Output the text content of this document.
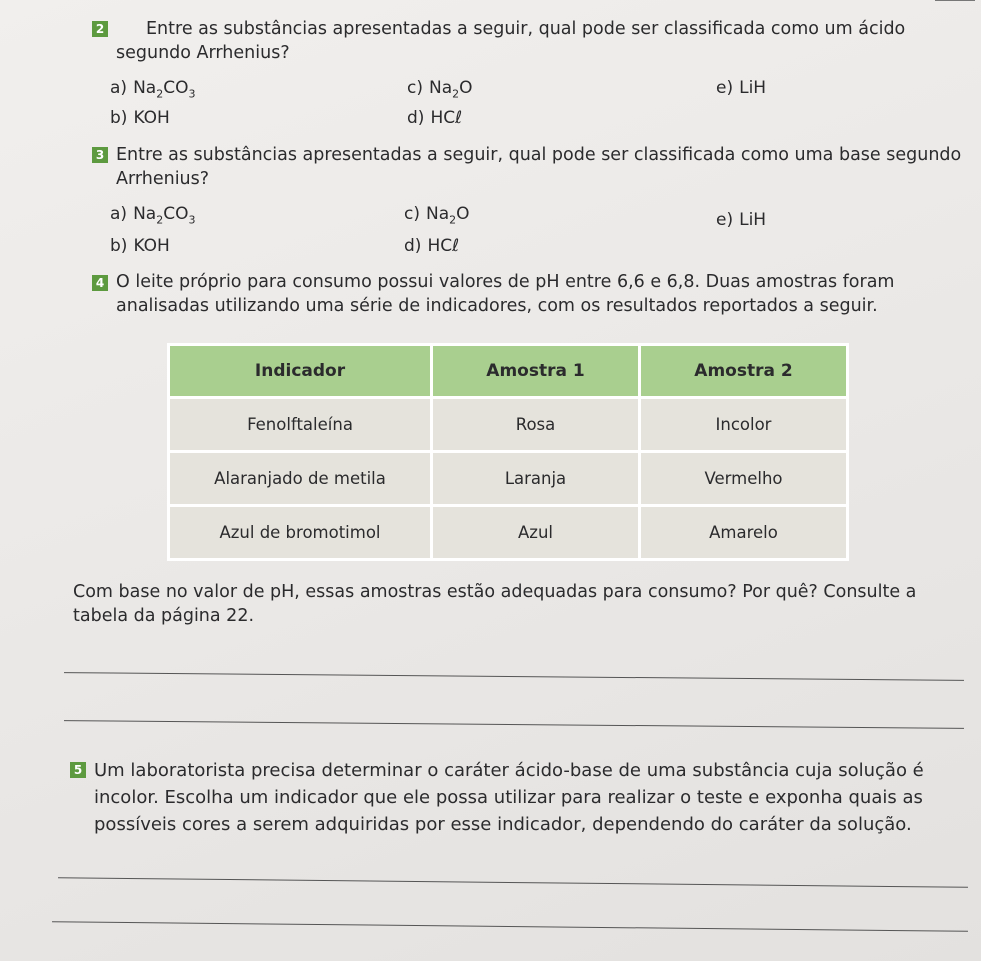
2	Entre as substâncias apresentadas a seguir, qual pode ser classificada como um ácido segundo Arrhenius?
a) $Na_2CO_3$
b) KOH
c) $Na_2O$
d) HCℓ
e) LiH
3 Entre as substâncias apresentadas a seguir, qual pode ser classificada como uma base segundo Arrhenius?
a) $Na_2CO_3$
b) KOH
c) $Na_2O$
d) HCℓ
e) LiH
4 O leite próprio para consumo possui valores de pH entre 6,6 e 6,8. Duas amostras foram analisadas utilizando uma série de indicadores, com os resultados reportados a seguir.
Indicador	Amostra 1	Amostra 2
Fenolftaleína	Rosa	Incolor
Alaranjado de metila	Laranja	Vermelho
Azul de bromotimol	Azul	Amarelo
Com base no valor de pH, essas amostras estão adequadas para consumo? Por quê? Consulte a tabela da página 22.
5 Um laboratorista precisa determinar o caráter ácido-base de uma substância cuja solução é incolor. Escolha um indicador que ele possa utilizar para realizar o teste e exponha quais as possíveis cores a serem adquiridas por esse indicador, dependendo do caráter da solução.
